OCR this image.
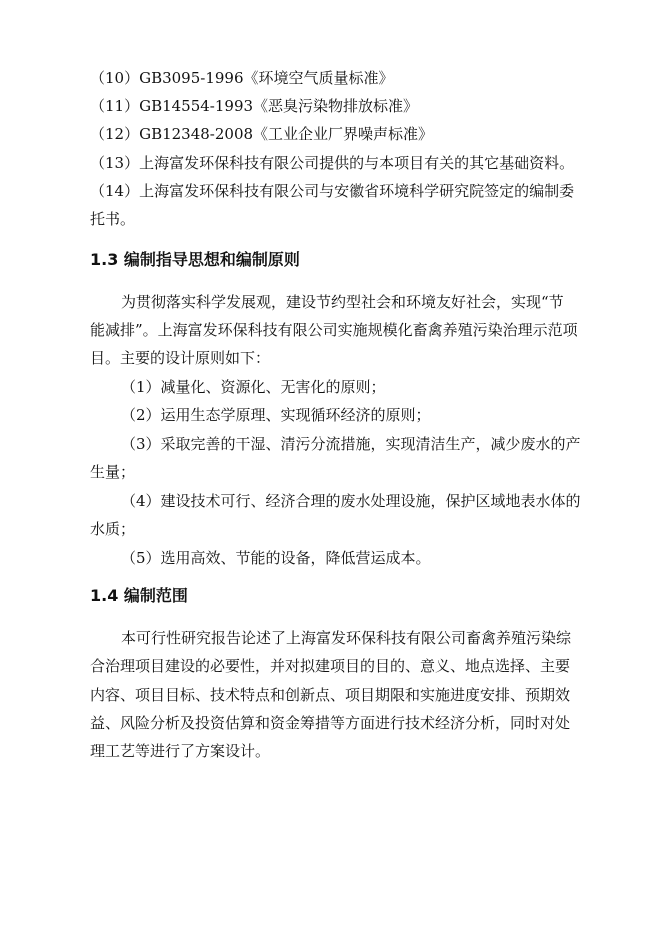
（10）GB3095-1996《环境空气质量标准》
（11）GB14554-1993《恶臭污染物排放标准》
（12）GB12348-2008《工业企业厂界噪声标准》
（13）上海富发环保科技有限公司提供的与本项目有关的其它基础资料。
（14）上海富发环保科技有限公司与安徽省环境科学研究院签定的编制委
托书。
1.3 编制指导思想和编制原则
为贯彻落实科学发展观，建设节约型社会和环境友好社会，实现“节
能减排”。上海富发环保科技有限公司实施规模化畜禽养殖污染治理示范项
目。主要的设计原则如下：
（1）减量化、资源化、无害化的原则；
（2）运用生态学原理、实现循环经济的原则；
（3）采取完善的干湿、清污分流措施，实现清洁生产，减少废水的产
生量；
（4）建设技术可行、经济合理的废水处理设施，保护区域地表水体的
水质；
（5）选用高效、节能的设备，降低营运成本。
1.4 编制范围
本可行性研究报告论述了上海富发环保科技有限公司畜禽养殖污染综
合治理项目建设的必要性，并对拟建项目的目的、意义、地点选择、主要
内容、项目目标、技术特点和创新点、项目期限和实施进度安排、预期效
益、风险分析及投资估算和资金筹措等方面进行技术经济分析，同时对处
理工艺等进行了方案设计。
